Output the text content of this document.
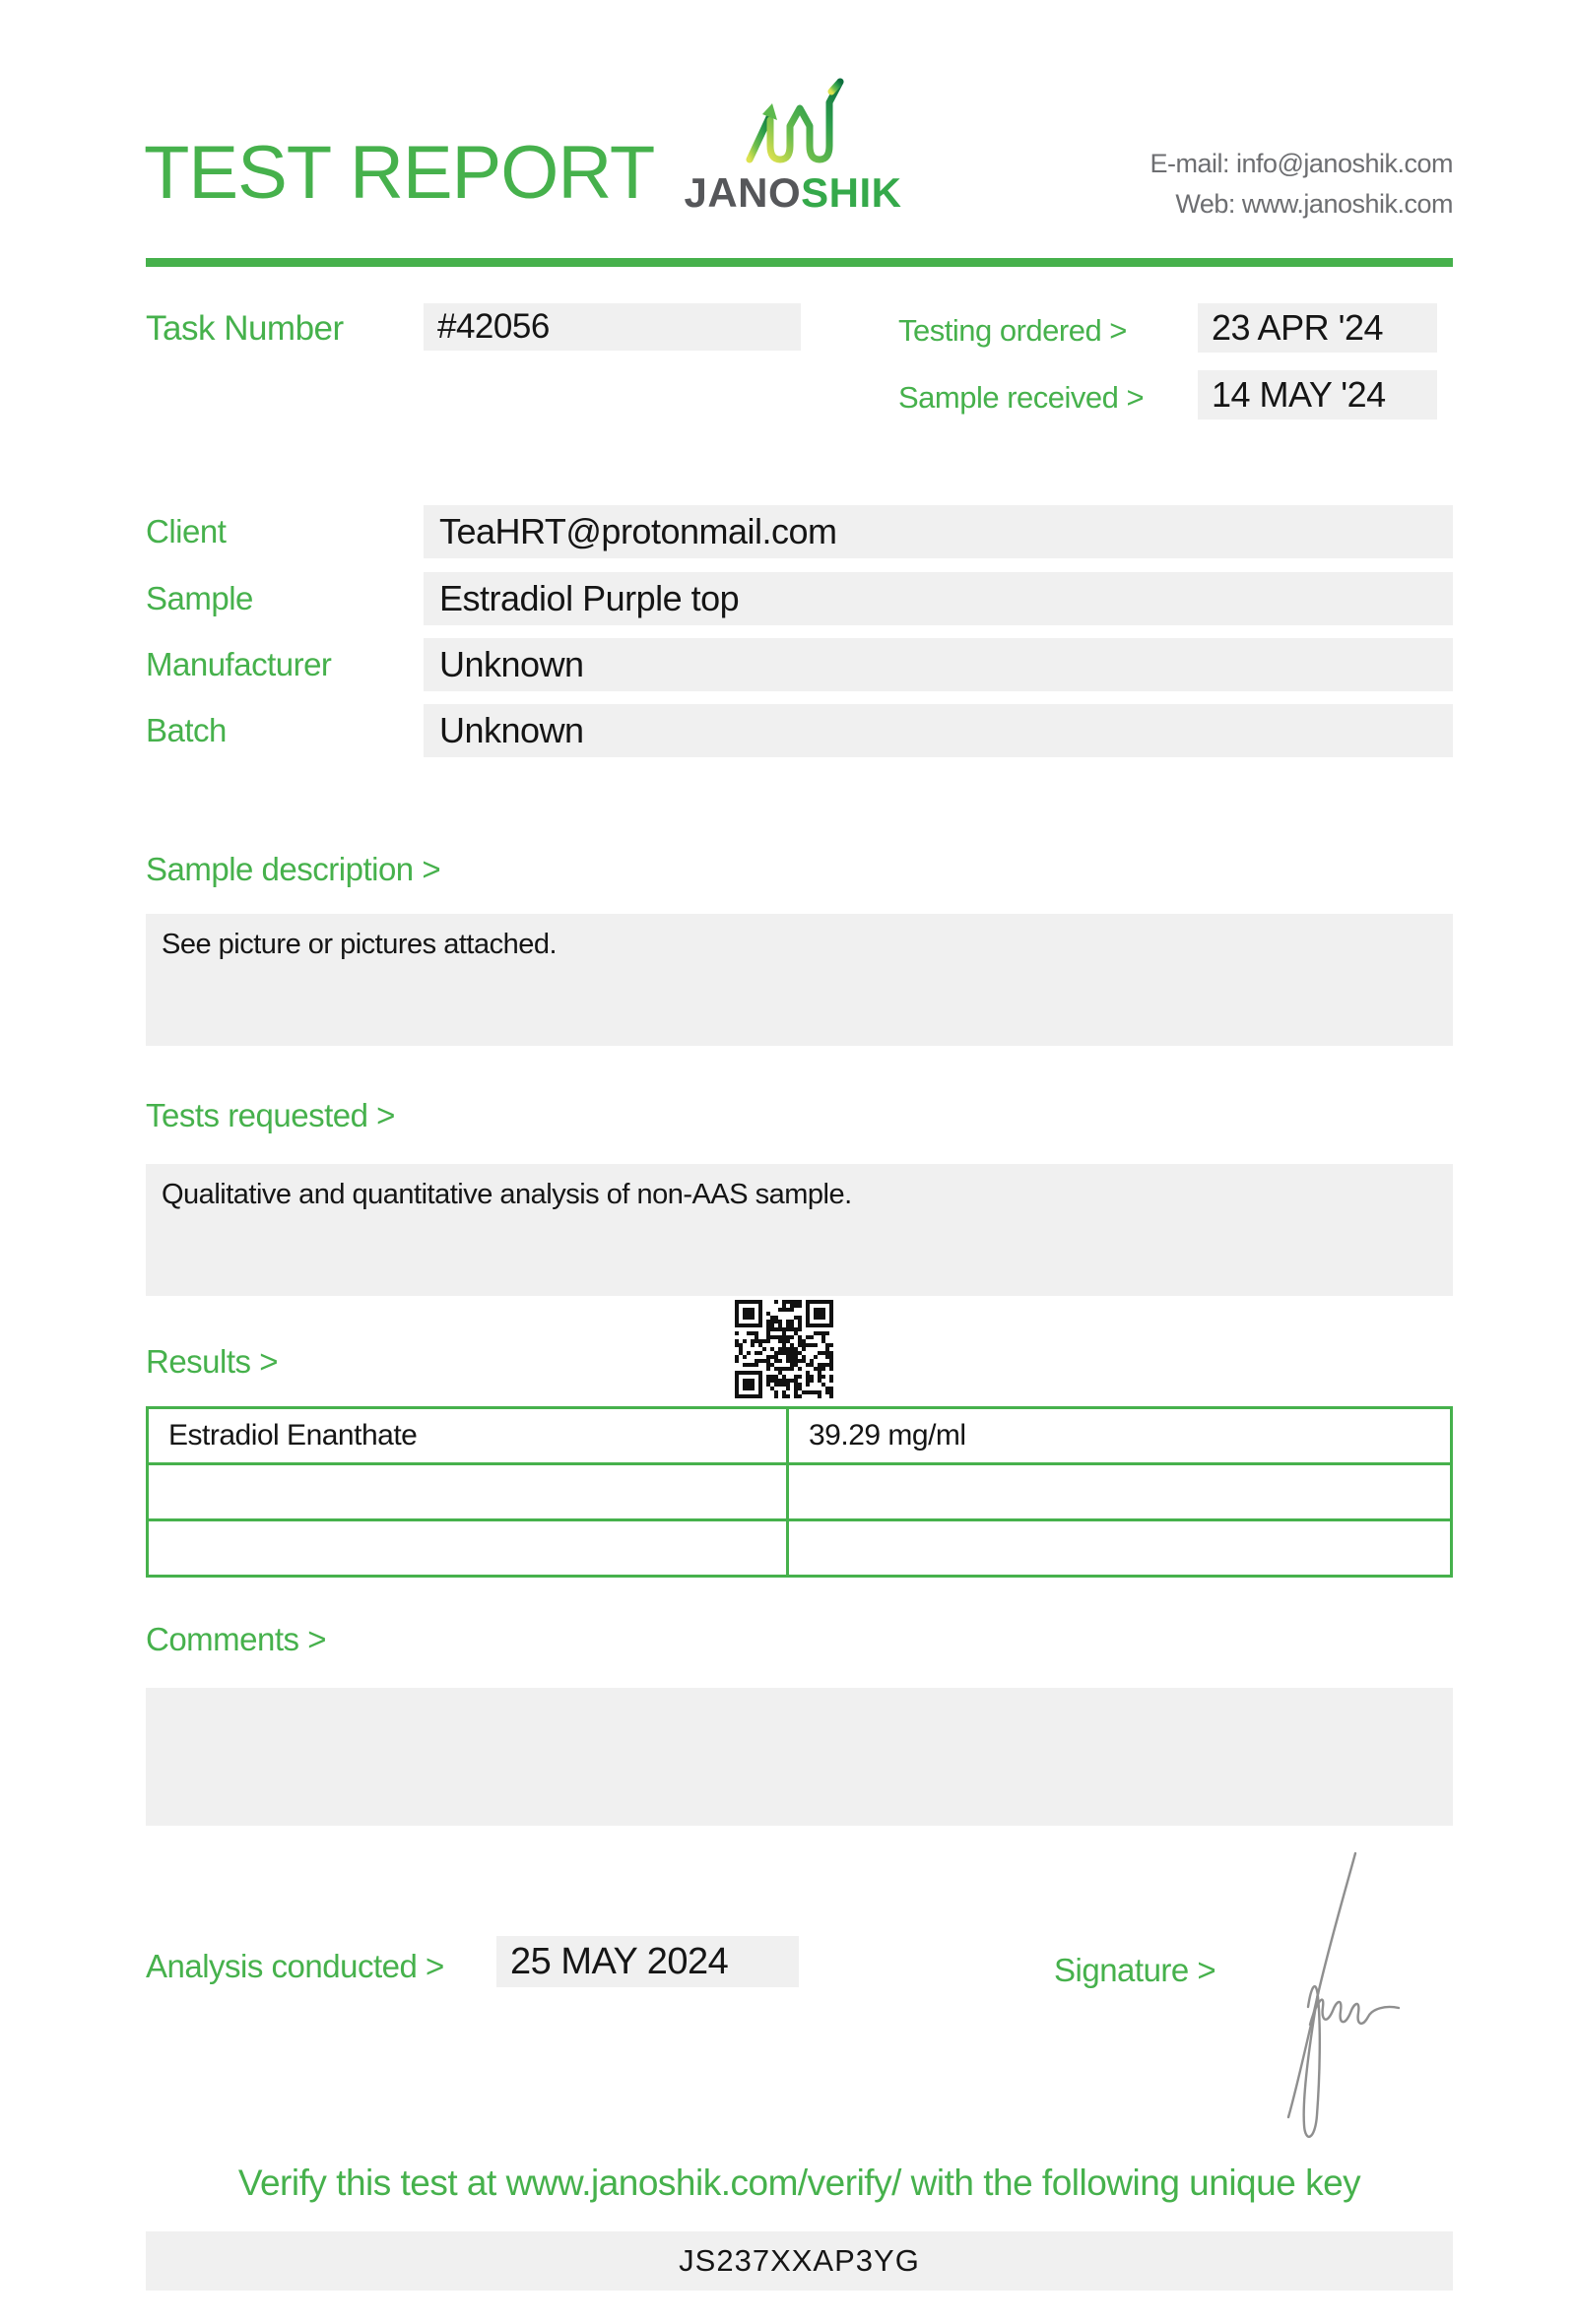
TEST REPORT JANOSHIK
E-mail: info@janoshik.com
Web: www.janoshik.com
Task Number	#42056	Testing ordered >	23 APR '24
Sample received >	14 MAY '24
Client	TeaHRT@protonmail.com
Sample	Estradiol Purple top
Manufacturer	Unknown
Batch	Unknown
Sample description >
See picture or pictures attached.
Tests requested >
Qualitative and quantitative analysis of non-AAS sample.
Results >
Estradiol Enanthate	39.29 mg/ml
Comments >
Analysis conducted >	25 MAY 2024	Signature >
Verify this test at www.janoshik.com/verify/ with the following unique key
JS237XXAP3YG
